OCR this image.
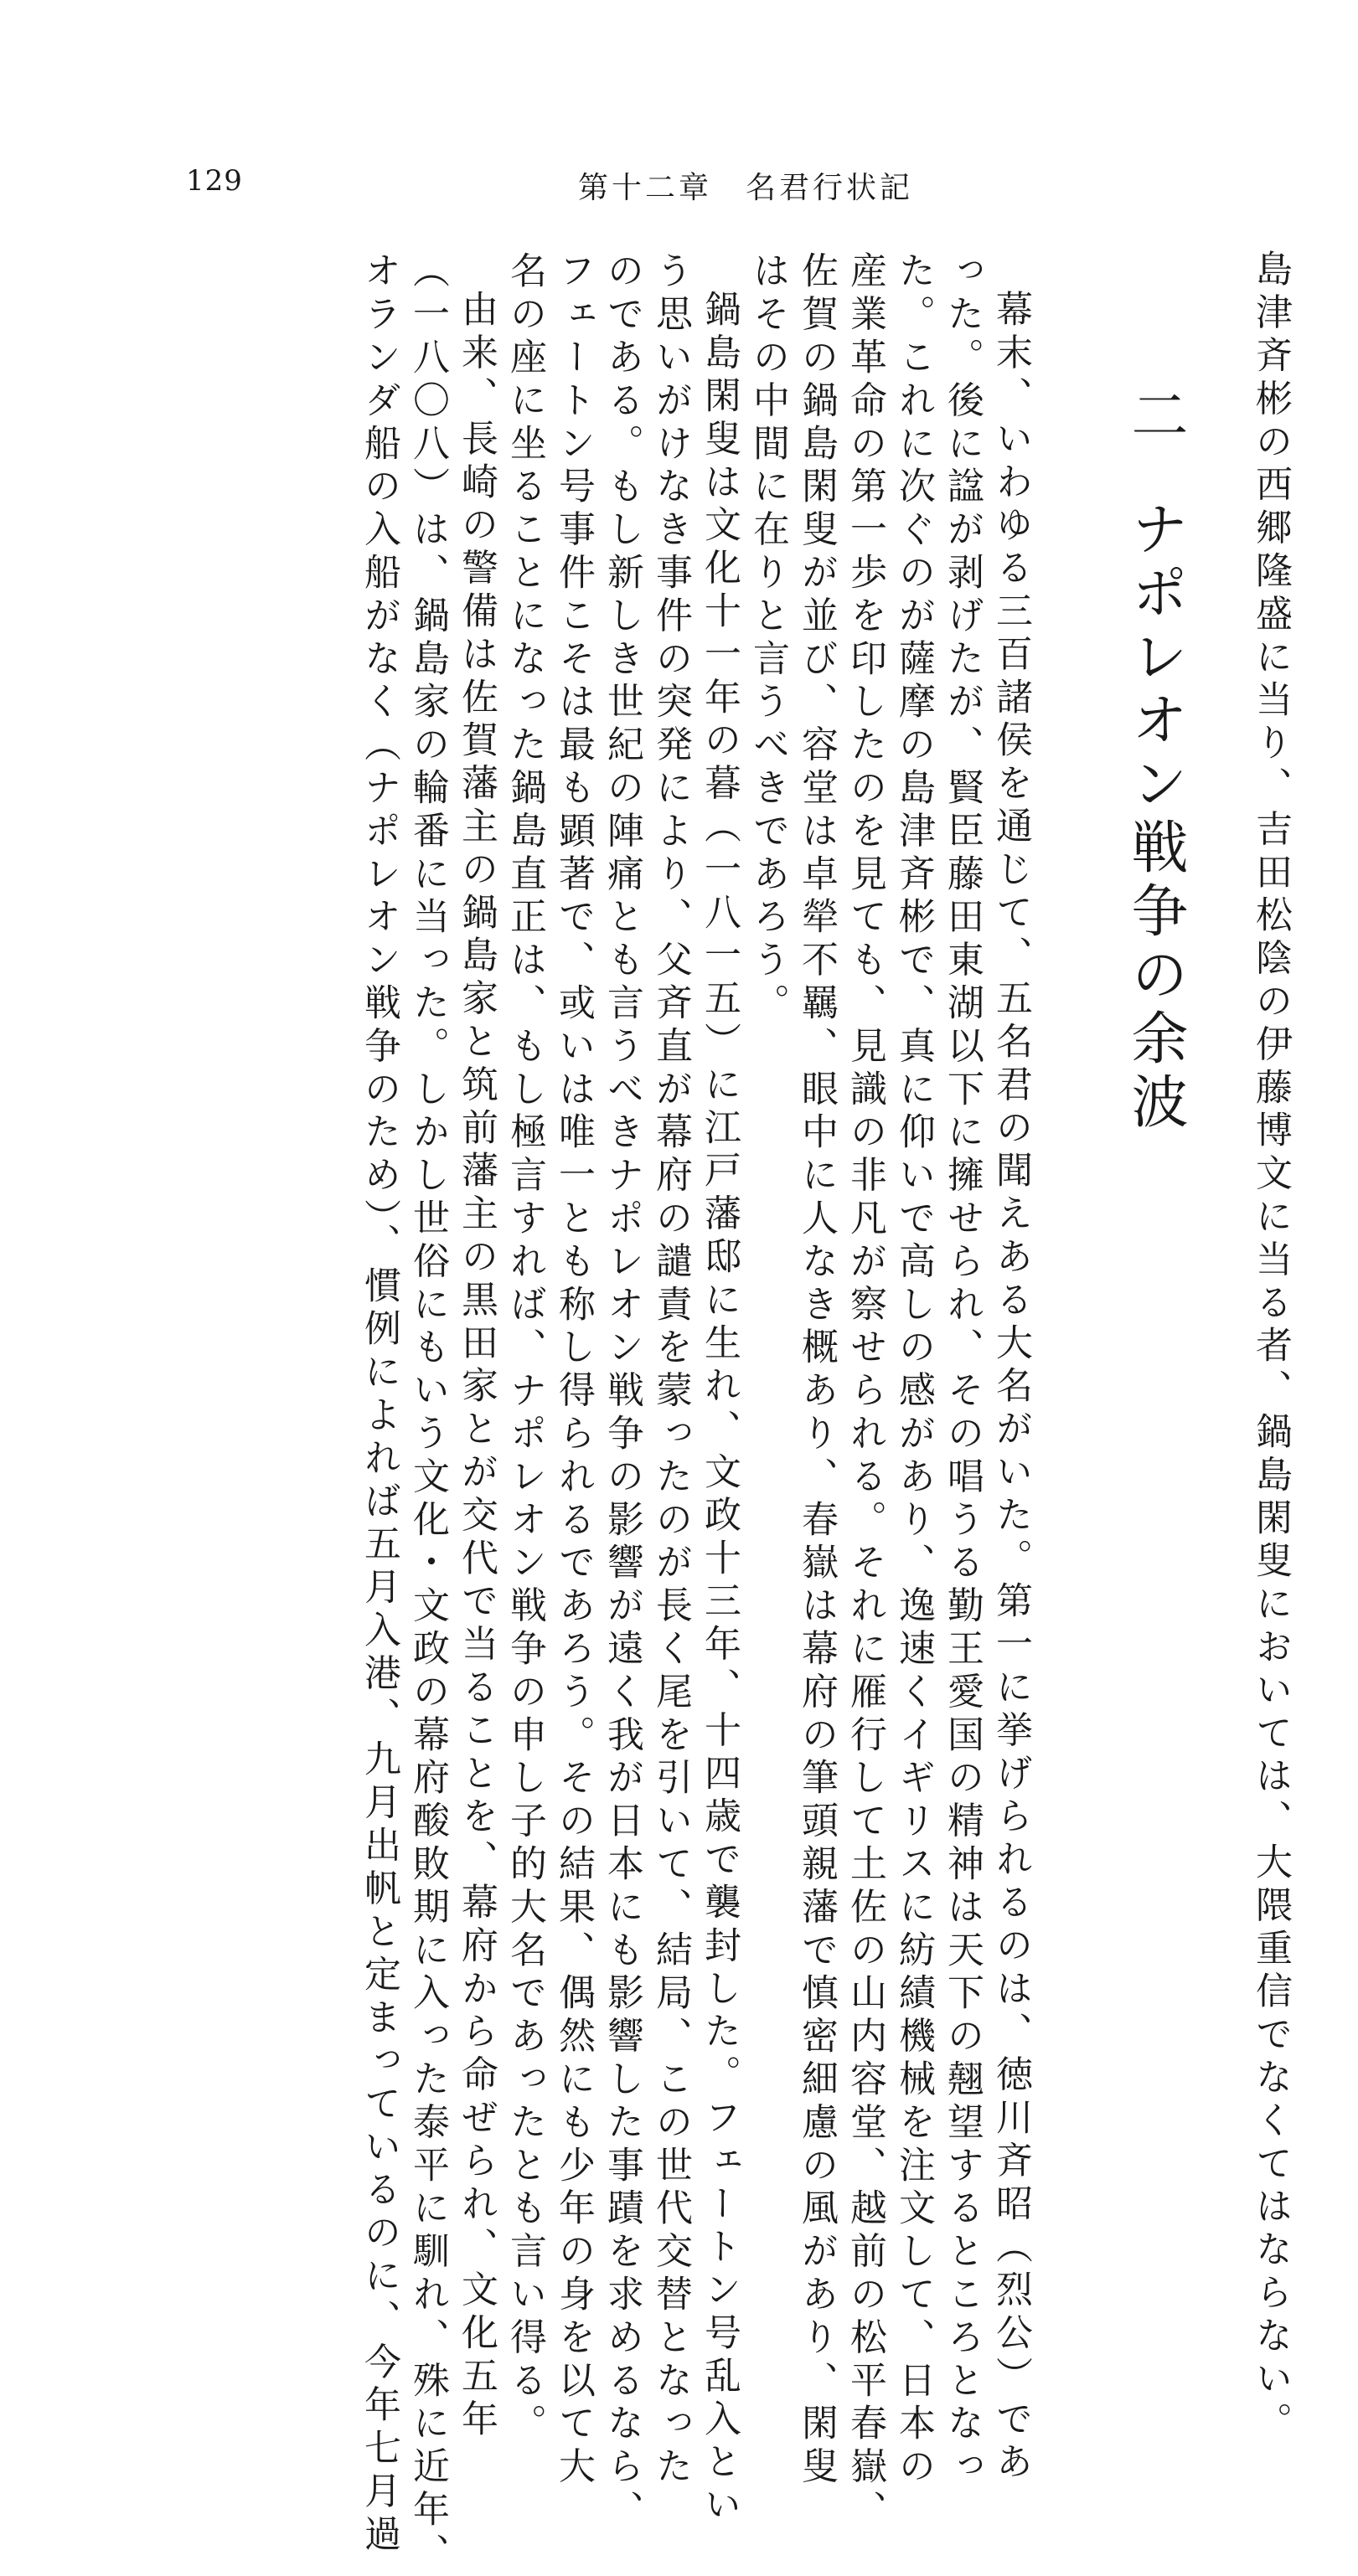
129	第十二章　名君行状記
島津斉彬の西郷隆盛に当り、吉田松陰の伊藤博文に当る者、鍋島閑叟においては、大隈重信でなくてはならない。
二ナポレオン戦争の余波
幕末、いわゆる三百諸侯を通じて、五名君の聞えある大名がいた。第一に挙げられるのは、徳川斉昭（烈公）であ
った。後に諡が剥げたが、賢臣藤田東湖以下に擁せられ、その唱うる勤王愛国の精神は天下の翹望するところとなっ
た。これに次ぐのが薩摩の島津斉彬で、真に仰いで高しの感があり、逸速くイギリスに紡績機械を注文して、日本の
産業革命の第一歩を印したのを見ても、見識の非凡が察せられる。それに雁行して土佐の山内容堂、越前の松平春嶽、
佐賀の鍋島閑叟が並び、容堂は卓犖不羈、眼中に人なき概あり、春嶽は幕府の筆頭親藩で慎密細慮の風があり、閑叟
はその中間に在りと言うべきであろう。
鍋島閑叟は文化十一年の暮（一八一五）に江戸藩邸に生れ、文政十三年、十四歳で襲封した。フェートン号乱入とい
う思いがけなき事件の突発により、父斉直が幕府の譴責を蒙ったのが長く尾を引いて、結局、この世代交替となった
のである。もし新しき世紀の陣痛とも言うべきナポレオン戦争の影響が遠く我が日本にも影響した事蹟を求めるなら、
フェートン号事件こそは最も顕著で、或いは唯一とも称し得られるであろう。その結果、偶然にも少年の身を以て大
名の座に坐ることになった鍋島直正は、もし極言すれば、ナポレオン戦争の申し子的大名であったとも言い得る。
由来、長崎の警備は佐賀藩主の鍋島家と筑前藩主の黒田家とが交代で当ることを、幕府から命ぜられ、文化五年
（一八〇八）は、鍋島家の輪番に当った。しかし世俗にもいう文化・文政の幕府酸敗期に入った泰平に馴れ、殊に近年、
オランダ船の入船がなく（ナポレオン戦争のため）、慣例によれば五月入港、九月出帆と定まっているのに、今年七月過
